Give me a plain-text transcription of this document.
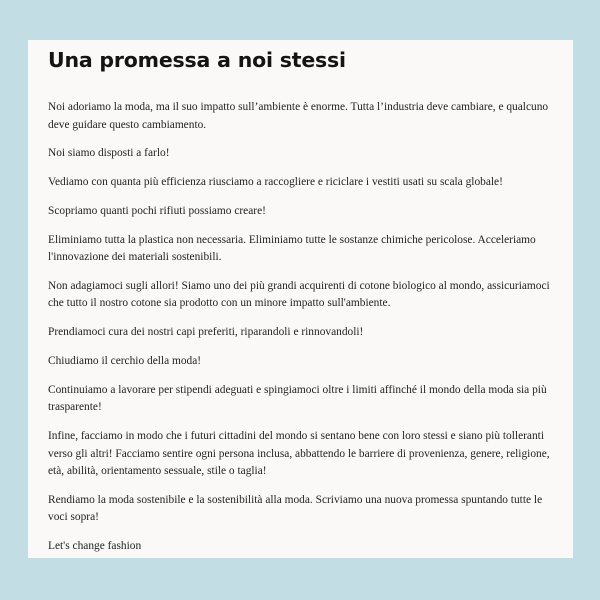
Una promessa a noi stessi

Noi adoriamo la moda, ma il suo impatto sull’ambiente è enorme. Tutta l’industria deve cambiare, e qualcuno deve guidare questo cambiamento.

Noi siamo disposti a farlo!

Vediamo con quanta più efficienza riusciamo a raccogliere e riciclare i vestiti usati su scala globale!

Scopriamo quanti pochi rifiuti possiamo creare!

Eliminiamo tutta la plastica non necessaria. Eliminiamo tutte le sostanze chimiche pericolose. Acceleriamo l'innovazione dei materiali sostenibili.

Non adagiamoci sugli allori! Siamo uno dei più grandi acquirenti di cotone biologico al mondo, assicuriamoci che tutto il nostro cotone sia prodotto con un minore impatto sull'ambiente.

Prendiamoci cura dei nostri capi preferiti, riparandoli e rinnovandoli!

Chiudiamo il cerchio della moda!

Continuiamo a lavorare per stipendi adeguati e spingiamoci oltre i limiti affinché il mondo della moda sia più trasparente!

Infine, facciamo in modo che i futuri cittadini del mondo si sentano bene con loro stessi e siano più tolleranti verso gli altri! Facciamo sentire ogni persona inclusa, abbattendo le barriere di provenienza, genere, religione, età, abilità, orientamento sessuale, stile o taglia!

Rendiamo la moda sostenibile e la sostenibilità alla moda. Scriviamo una nuova promessa spuntando tutte le voci sopra!

Let's change fashion
